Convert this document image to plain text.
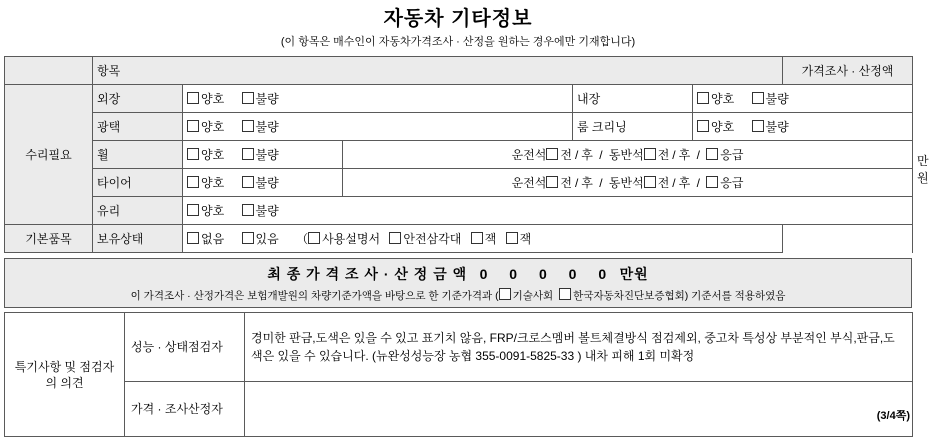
자동차 기타정보
(이 항목은 매수인이 자동차가격조사 · 산정을 원하는 경우에만 기재합니다)
	항목					가격조사 · 산정액	
수리필요	외장	양호 불량		내장	양호 불량		만원
	광택	양호 불량		룸 크리닝	양호 불량		
	휠	양호 불량	운전석 전 / 후 / 동반석 전 / 후 / 응급				
	타이어	양호 불량	운전석 전 / 후 / 동반석 전 / 후 / 응급				
	유리	양호 불량					
기본품목	보유상태	없음 있음 （ 사용설명서 안전삼각대 잭 잭					
최 종 가 격 조 사 · 산 정 금 액 0 0 0 0 0 만원
이 가격조사 · 산정가격은 보험개발원의 차량기준가액을 바탕으로 한 기준가격과 ( 기술사회 한국자동차진단보증협회) 기준서를 적용하였음
특기사항 및 점검자의 의견	성능 · 상태점검자	경미한 판금,도색은 있을 수 있고 표기치 않음, FRP/크로스멤버 볼트체결방식 점검제외, 중고차 특성상 부분적인 부식,판금,도색은 있을 수 있습니다. (뉴완성성능장 농협 355-0091-5825-33 ) 내차 피해 1회 미확정
	가격 · 조사산정자		(3/4쪽)
